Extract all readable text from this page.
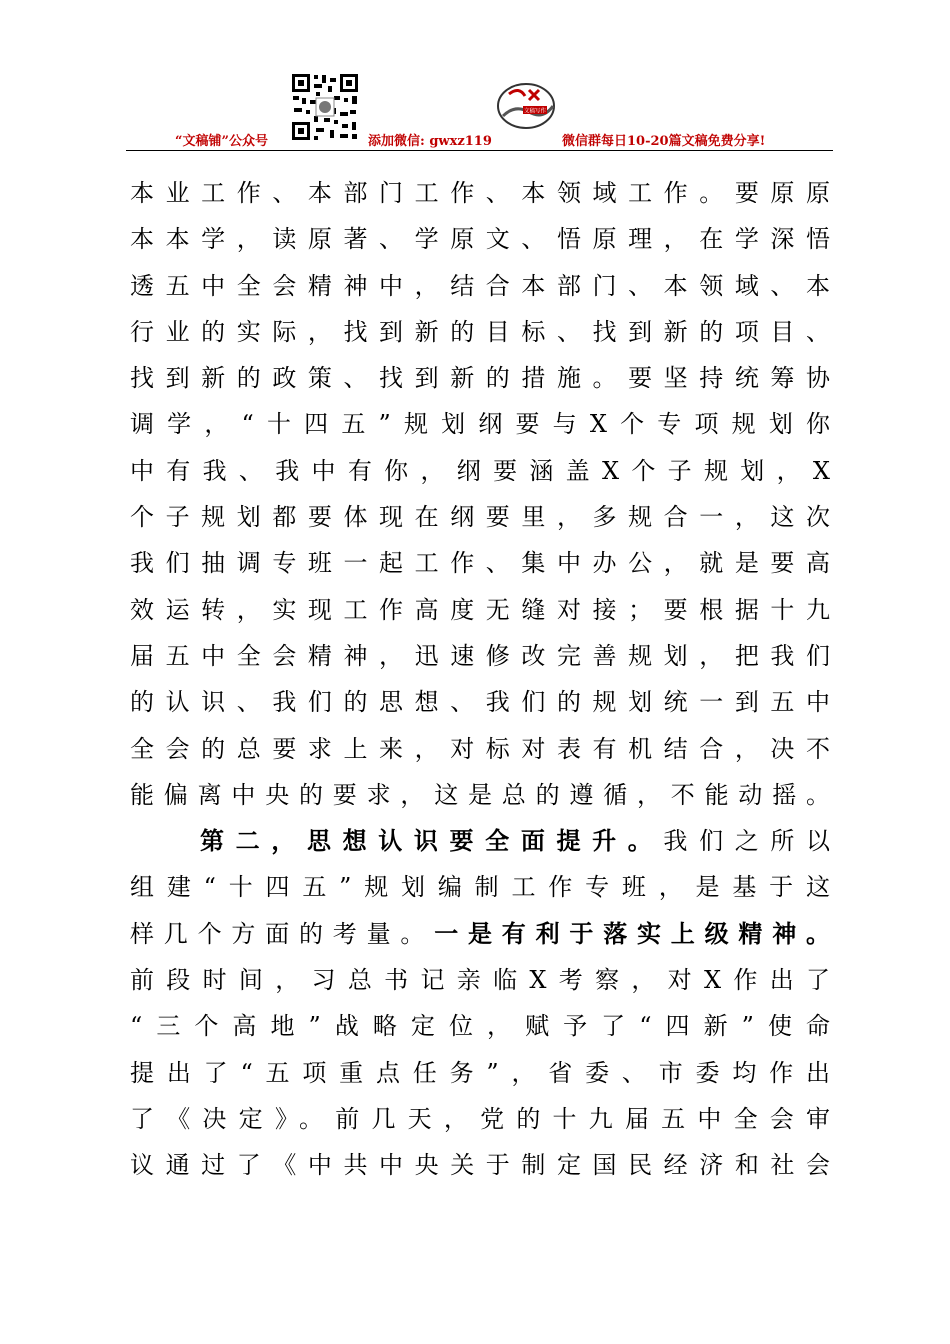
文稿写作
“文稿铺”公众号	添加微信: gwxz119	微信群每日10-20篇文稿免费分享!
本业工作、本部门工作、本领域工作。要原原
本本学，读原著、学原文、悟原理，在学深悟
透五中全会精神中，结合本部门、本领域、本
行业的实际，找到新的目标、找到新的项目、
找到新的政策、找到新的措施。要坚持统筹协
调学，“十四五”规划纲要与X个专项规划你
中有我、我中有你，纲要涵盖X个子规划，X
个子规划都要体现在纲要里，多规合一，这次
我们抽调专班一起工作、集中办公，就是要高
效运转，实现工作高度无缝对接；要根据十九
届五中全会精神，迅速修改完善规划，把我们
的认识、我们的思想、我们的规划统一到五中
全会的总要求上来，对标对表有机结合，决不
能偏离中央的要求，这是总的遵循，不能动摇。
第二，思想认识要全面提升。我们之所以
组建“十四五”规划编制工作专班，是基于这
样几个方面的考量。一是有利于落实上级精神。
前段时间，习总书记亲临X考察，对X作出了
“三个高地”战略定位，赋予了“四新”使命
提出了“五项重点任务”，省委、市委均作出
了《决定》。前几天，党的十九届五中全会审
议通过了《中共中央关于制定国民经济和社会
